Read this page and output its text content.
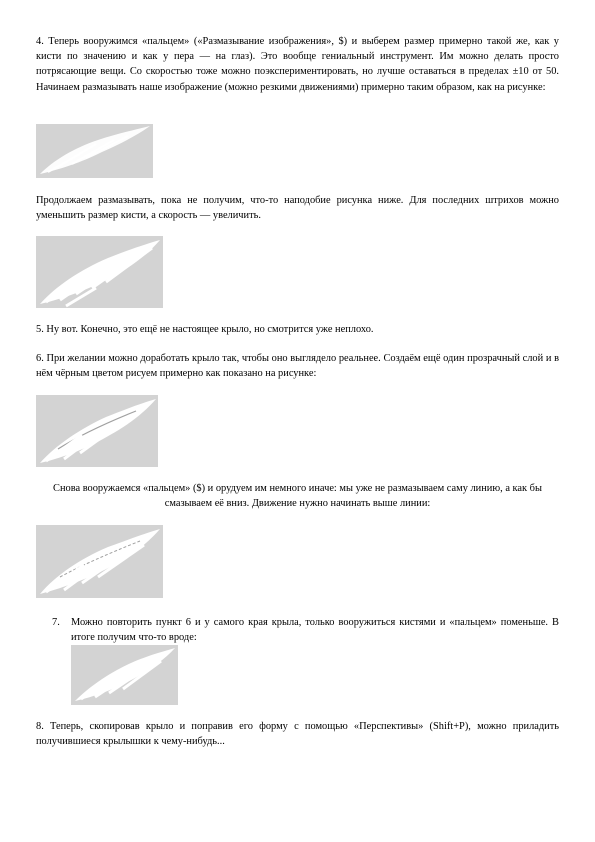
4. Теперь вооружимся «пальцем» («Размазывание изображения», $) и выберем размер примерно такой же, как у кисти по значению и как у пера — на глаз). Это вообще гениальный инструмент. Им можно делать просто потрясающие вещи. Со скоростью тоже можно поэкспериментировать, но лучше оставаться в пределах ±10 от 50. Начинаем размазывать наше изображение (можно резкими движениями) примерно таким образом, как на рисунке:
Продолжаем размазывать, пока не получим, что-то наподобие рисунка ниже. Для последних штрихов можно уменьшить размер кисти, а скорость — увеличить.
5. Ну вот. Конечно, это ещё не настоящее крыло, но смотрится уже неплохо.
6. При желании можно доработать крыло так, чтобы оно выглядело реальнее. Создаём ещё один прозрачный слой и в нём чёрным цветом рисуем примерно как показано на рисунке:
Снова вооружаемся «пальцем» ($) и орудуем им немного иначе: мы уже не размазываем саму линию, а как бы смазываем её вниз. Движение нужно начинать выше линии:
7. Можно повторить пункт 6 и у самого края крыла, только вооружиться кистями и «пальцем» поменьше. В итоге получим что-то вроде:
8. Теперь, скопировав крыло и поправив его форму с помощью «Перспективы» (Shift+P), можно приладить получившиеся крылышки к чему-нибудь...
